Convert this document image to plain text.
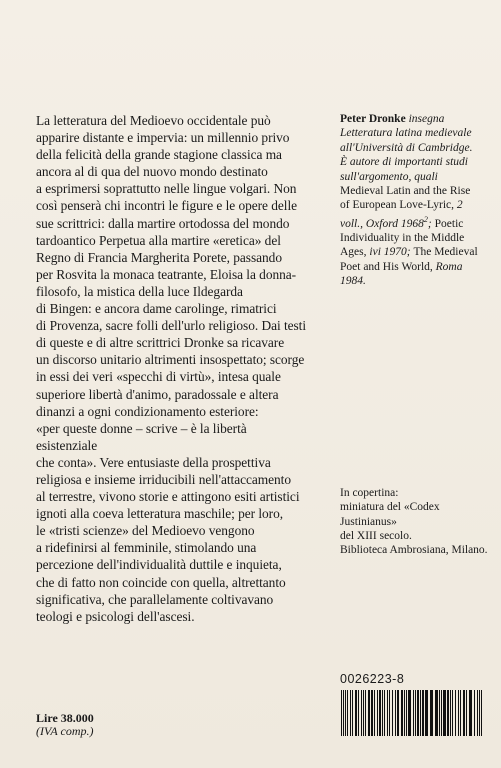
La letteratura del Medioevo occidentale può

apparire distante e impervia: un millennio privo

della felicità della grande stagione classica ma

ancora al di qua del nuovo mondo destinato

a esprimersi soprattutto nelle lingue volgari. Non

così penserà chi incontri le figure e le opere delle

sue scrittrici: dalla martire ortodossa del mondo

tardoantico Perpetua alla martire «eretica» del

Regno di Francia Margherita Porete, passando

per Rosvita la monaca teatrante, Eloisa la donna-

filosofo, la mistica della luce Ildegarda

di Bingen: e ancora dame carolinge, rimatrici

di Provenza, sacre folli dell'urlo religioso. Dai testi

di queste e di altre scrittrici Dronke sa ricavare

un discorso unitario altrimenti insospettato; scorge

in essi dei veri «specchi di virtù», intesa quale

superiore libertà d'animo, paradossale e altera

dinanzi a ogni condizionamento esteriore:

«per queste donne – scrive – è la libertà esistenziale

che conta». Vere entusiaste della prospettiva

religiosa e insieme irriducibili nell'attaccamento

al terrestre, vivono storie e attingono esiti artistici

ignoti alla coeva letteratura maschile; per loro,

le «tristi scienze» del Medioevo vengono

a ridefinirsi al femminile, stimolando una

percezione dell'individualità duttile e inquieta,

che di fatto non coincide con quella, altrettanto

significativa, che parallelamente coltivavano

teologi e psicologi dell'ascesi.

Peter Dronke insegna Letteratura latina medievale all'Università di Cambridge. È autore di importanti studi sull'argomento, quali Medieval Latin and the Rise of European Love-Lyric, 2 voll., Oxford 1968$^2$; Poetic Individuality in the Middle Ages, ivi 1970; The Medieval Poet and His World, Roma 1984.
In copertina:
miniatura del «Codex Justinianus»
del XIII secolo.
Biblioteca Ambrosiana, Milano.
0026223-8
Lire 38.000
(IVA comp.)
